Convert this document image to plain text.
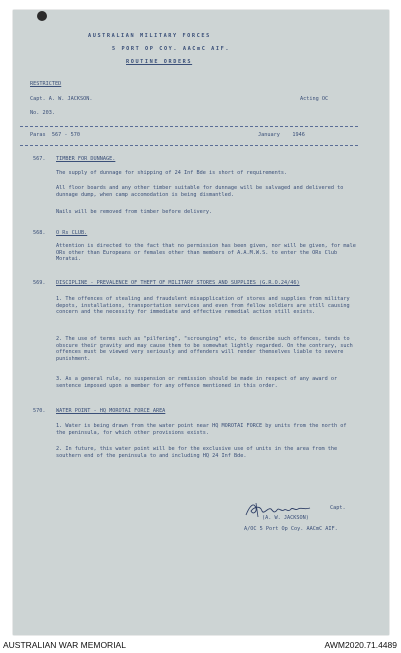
AUSTRALIAN MILITARY FORCES
5 PORT OP COY. AACmC AIF.
ROUTINE ORDERS
RESTRICTED
Capt. A. W. JACKSON.	Acting OC
No. 203.
Paras  567 - 570	January    1946
567. TIMBER FOR DUNNAGE.
The supply of dunnage for shipping of 24 Inf Bde is short of requirements.
All floor boards and any other timber suitable for dunnage will be salvaged and delivered to dunnage dump, when camp accomodation is being dismantled.
Nails will be removed from timber before delivery.
568. O Rs CLUB.
Attention is directed to the fact that no permission has been given, nor will be given, for male ORs other than Europeans or females other than members of A.A.M.W.S. to enter the ORs Club Moratai.
569. DISCIPLINE - PREVALENCE OF THEFT OF MILITARY STORES AND SUPPLIES (G.R.O.24/46)
1. The offences of stealing and fraudulent misapplication of stores and supplies from military depots, installations, transportation services and even from fellow soldiers are still causing concern and the necessity for immediate and effective remedial action still exists.
2. The use of terms such as "pilfering", "scrounging" etc, to describe such offences, tends to obscure their gravity and may cause them to be somewhat lightly regarded. On the contrary, such offences must be viewed very seriously and offenders will render themselves liable to severe punishment.
3. As a general rule, no suspension or remission should be made in respect of any award or sentence imposed upon a member for any offence mentioned in this order.
570. WATER POINT - HQ MOROTAI FORCE AREA
1. Water is being drawn from the water point near HQ MOROTAI FORCE by units from the north of the peninsula, for which other provisions exists.
2. In future, this water point will be for the exclusive use of units in the area from the southern end of the peninsula to and including HQ 24 Inf Bde.
Capt.
(A. W. JACKSON)
A/OC 5 Port Op Coy. AACmC AIF.
AUSTRALIAN WAR MEMORIAL	AWM2020.71.4489
